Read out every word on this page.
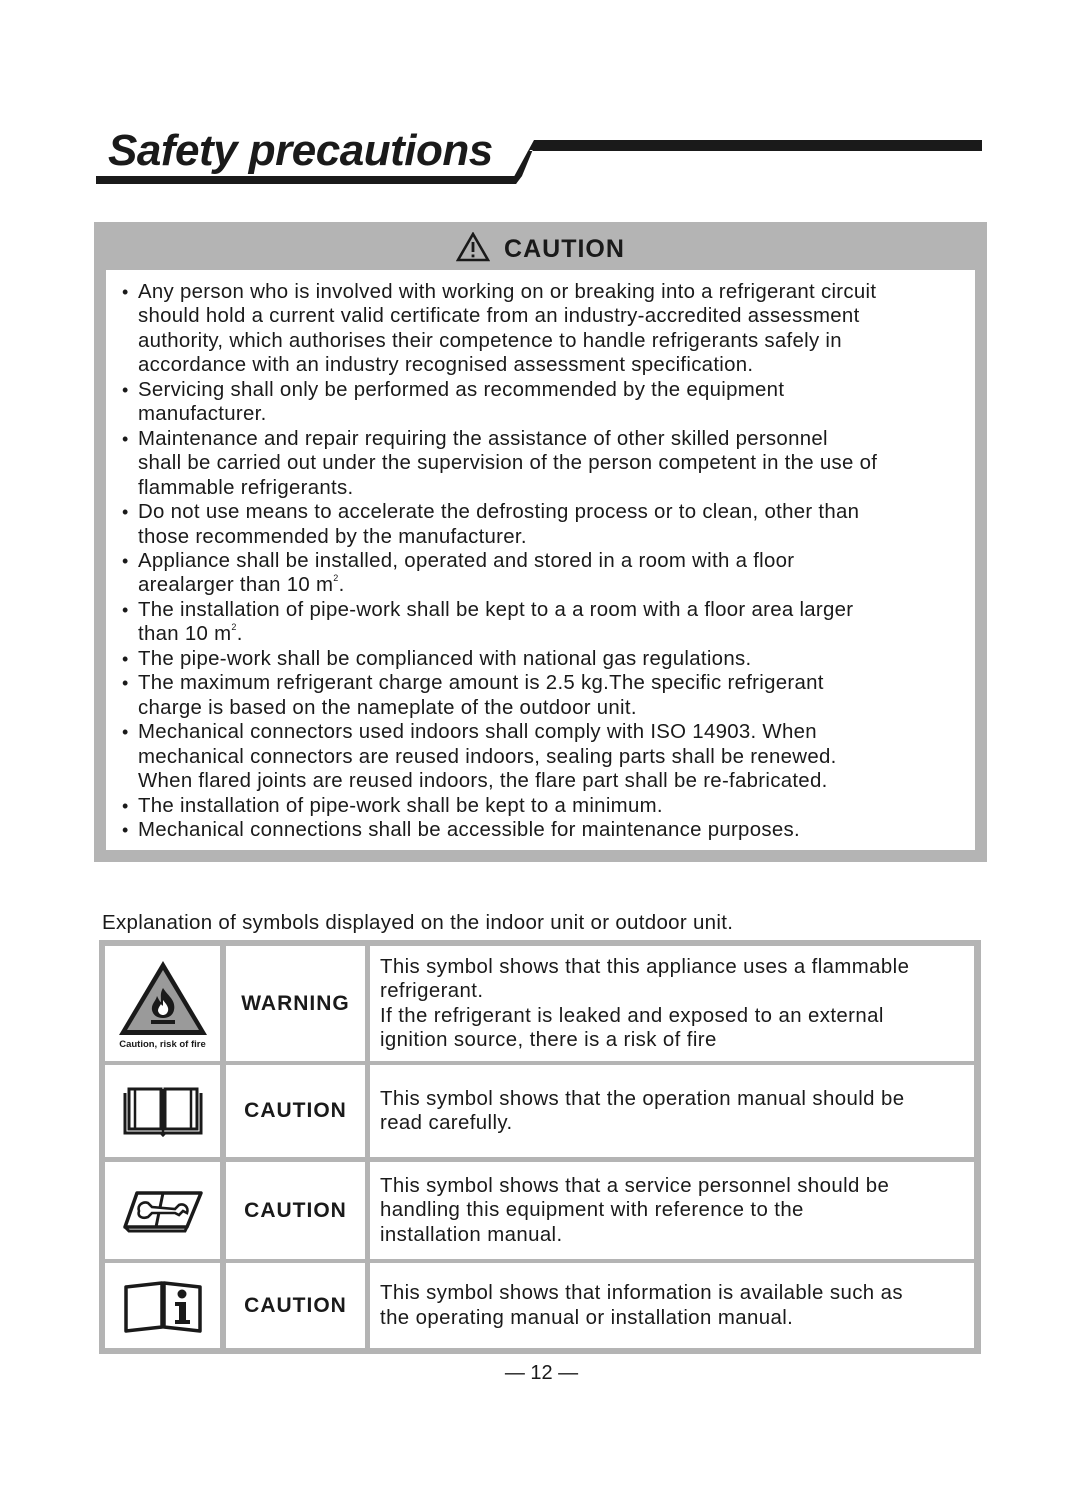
Safety precautions
CAUTION
• Any person who is involved with working on or breaking into a refrigerant circuit
should hold a current valid certificate from an industry-accredited assessment
authority, which authorises their competence to handle refrigerants safely in
accordance with an industry recognised assessment specification.
• Servicing shall only be performed as recommended by the equipment
manufacturer.
• Maintenance and repair requiring the assistance of other skilled personnel
shall be carried out under the supervision of the person competent in the use of
flammable refrigerants.
• Do not use means to accelerate the defrosting process or to clean, other than
those recommended by the manufacturer.
• Appliance shall be installed, operated and stored in a room with a floor
arealarger than 10 $m^2$.
• The installation of pipe-work shall be kept to a a room with a floor area larger
than 10 $m^2$.
• The pipe-work shall be complianced with national gas regulations.
• The maximum refrigerant charge amount is 2.5 kg.The specific refrigerant
charge is based on the nameplate of the outdoor unit.
• Mechanical connectors used indoors shall comply with ISO 14903. When
mechanical connectors are reused indoors, sealing parts shall be renewed.
When flared joints are reused indoors, the flare part shall be re-fabricated.
• The installation of pipe-work shall be kept to a minimum.
• Mechanical connections shall be accessible for maintenance purposes.
Explanation of symbols displayed on the indoor unit or outdoor unit.
Caution, risk of fire
WARNING
This symbol shows that this appliance uses a flammable
refrigerant.
If the refrigerant is leaked and exposed to an external
ignition source, there is a risk of fire
CAUTION
This symbol shows that the operation manual should be
read carefully.
CAUTION
This symbol shows that a service personnel should be
handling this equipment with reference to the
installation manual.
CAUTION
This symbol shows that information is available such as
the operating manual or installation manual.
— 12 —
